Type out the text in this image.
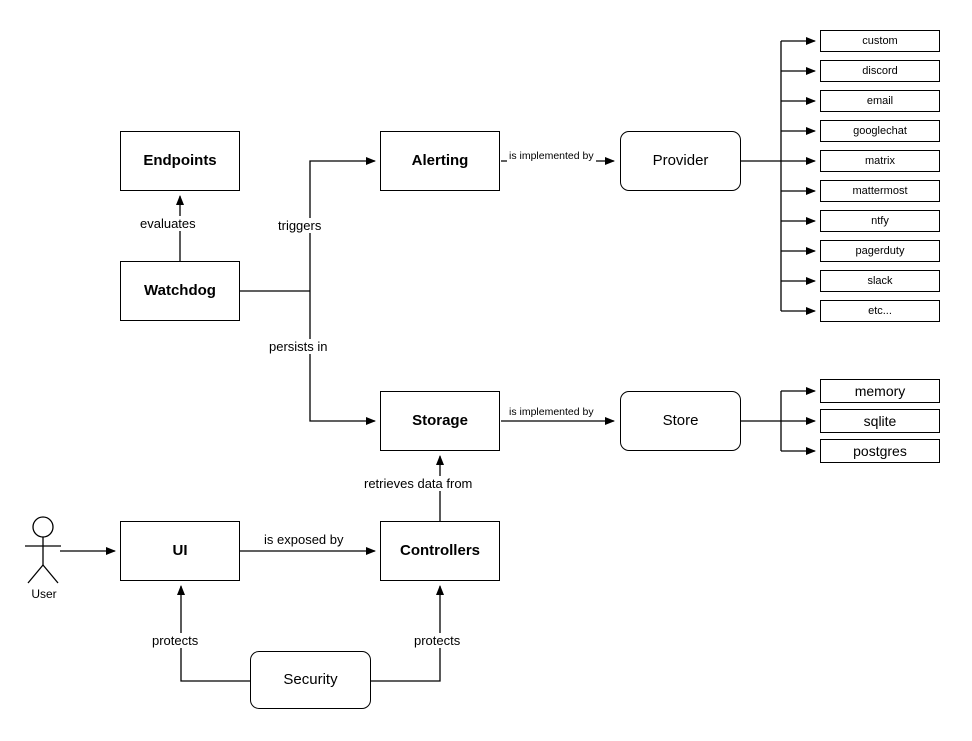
Endpoints
Watchdog
Alerting	Provider
Storage	Store
UI	Controllers
Security
custom
discord
email
googlechat
matrix
mattermost
ntfy
pagerduty
slack
etc...
memory
sqlite
postgres
User
evaluates	triggers
persists in
is implemented by
is implemented by
retrieves data from
is exposed by
protects	protects
